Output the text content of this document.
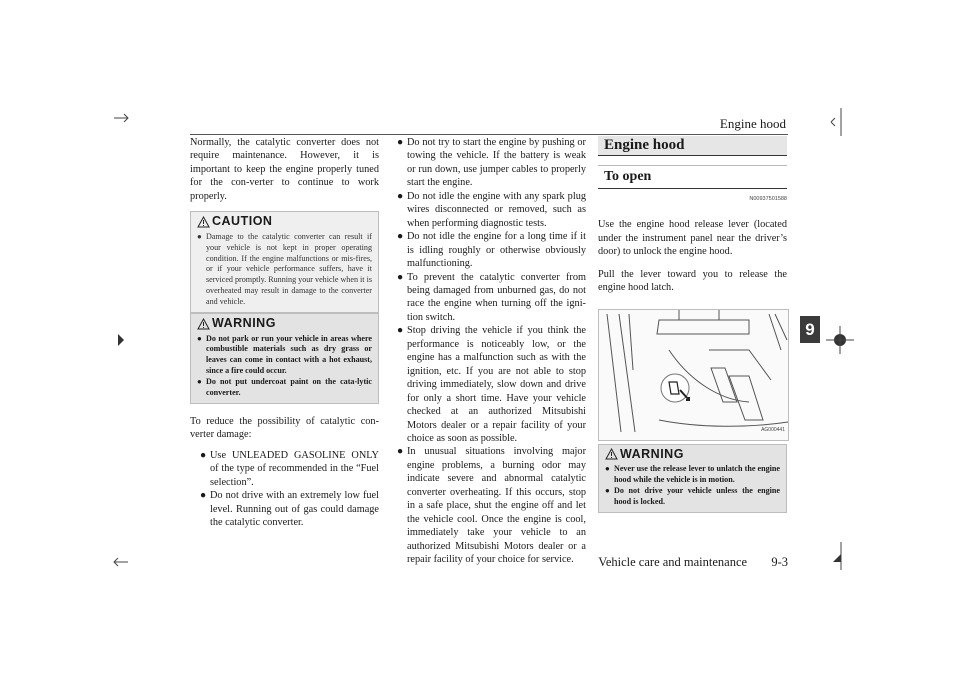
Engine hood
9

Normally, the catalytic converter does not require maintenance. However, it is important to keep the engine properly tuned for the con-verter to continue to work properly.

CAUTION
● Damage to the catalytic converter can result if your vehicle is not kept in proper operating condition. If the engine malfunctions or mis-fires, or if your vehicle performance suffers, have it serviced promptly. Running your vehicle when it is overheated may result in damage to the converter and vehicle.
WARNING
● Do not park or run your vehicle in areas where combustible materials such as dry grass or leaves can come in contact with a hot exhaust, since a fire could occur.
● Do not put undercoat paint on the cata-lytic converter.

To reduce the possibility of catalytic con-verter damage:

● Use UNLEADED GASOLINE ONLY of the type of recommended in the “Fuel selection”.
● Do not drive with an extremely low fuel level. Running out of gas could damage the catalytic converter.
● Do not try to start the engine by pushing or towing the vehicle. If the battery is weak or run down, use jumper cables to properly start the engine.
● Do not idle the engine with any spark plug wires disconnected or removed, such as when performing diagnostic tests.
● Do not idle the engine for a long time if it is idling roughly or otherwise obviously malfunctioning.
● To prevent the catalytic converter from being damaged from unburned gas, do not race the engine when turning off the igni-tion switch.
● Stop driving the vehicle if you think the performance is noticeably low, or the engine has a malfunction such as with the ignition, etc. If you are not able to stop driving immediately, slow down and drive for only a short time. Have your vehicle checked at an authorized Mitsubishi Motors dealer or a repair facility of your choice as soon as possible.
● In unusual situations involving major engine problems, a burning odor may indicate severe and abnormal catalytic converter overheating. If this occurs, stop in a safe place, shut the engine off and let the vehicle cool. Once the engine is cool, immediately take your vehicle to an authorized Mitsubishi Motors dealer or a repair facility of your choice for service.
Engine hood
To open
N00937501588

Use the engine hood release lever (located under the instrument panel near the driver’s door) to unlock the engine hood.

Pull the lever toward you to release the engine hood latch.

AG000441
WARNING
● Never use the release lever to unlatch the engine hood while the vehicle is in motion.
● Do not drive your vehicle unless the engine hood is locked.
Vehicle care and maintenance 9-3
